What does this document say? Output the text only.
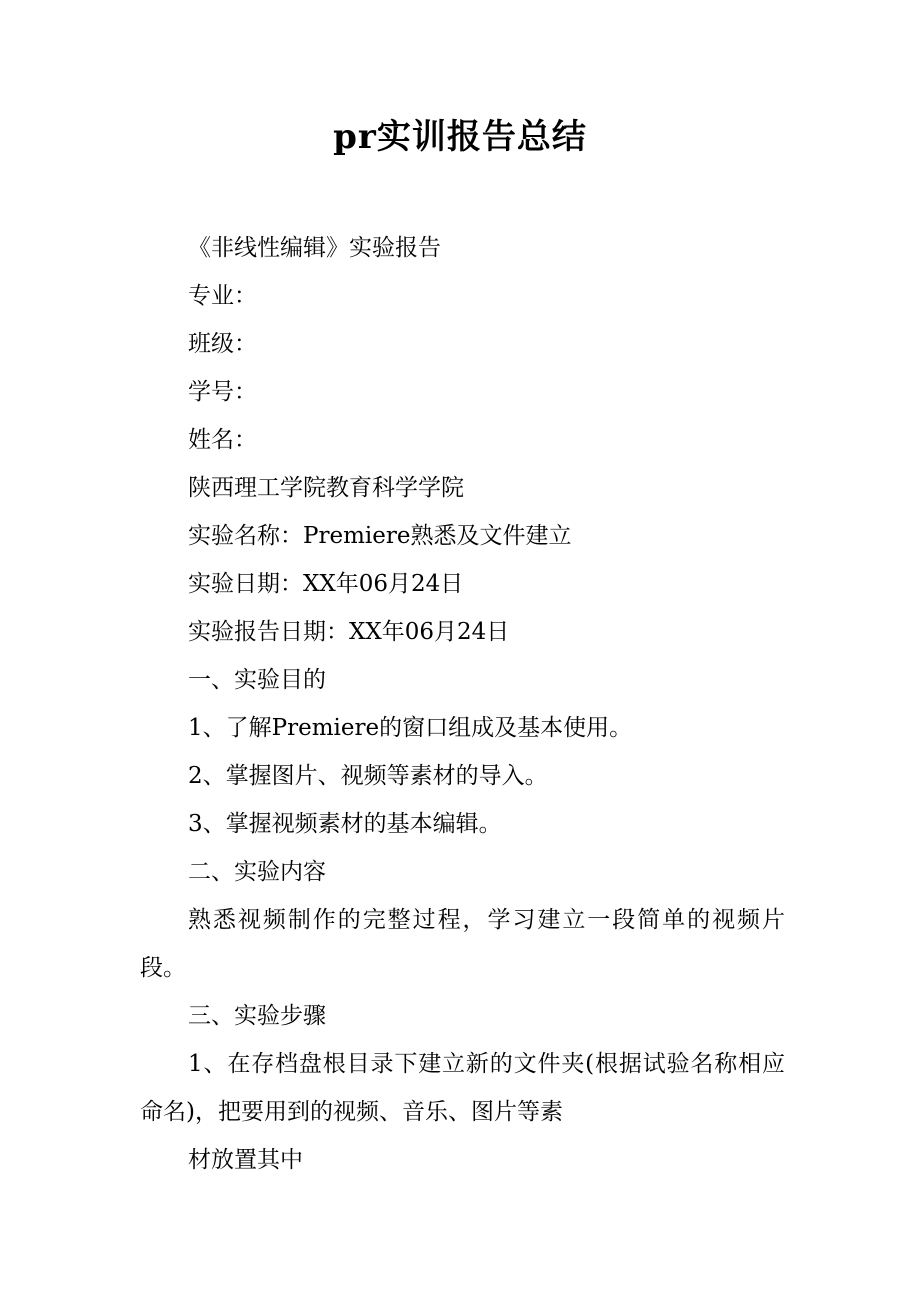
pr实训报告总结

《非线性编辑》实验报告

专业：

班级：

学号：

姓名：

陕西理工学院教育科学学院

实验名称：Premiere熟悉及文件建立

实验日期：XX年06月24日

实验报告日期：XX年06月24日

一、实验目的

1、了解Premiere的窗口组成及基本使用。

2、掌握图片、视频等素材的导入。

3、掌握视频素材的基本编辑。

二、实验内容

熟悉视频制作的完整过程，学习建立一段简单的视频片段。

三、实验步骤

1、在存档盘根目录下建立新的文件夹(根据试验名称相应命名)，把要用到的视频、音乐、图片等素

材放置其中
